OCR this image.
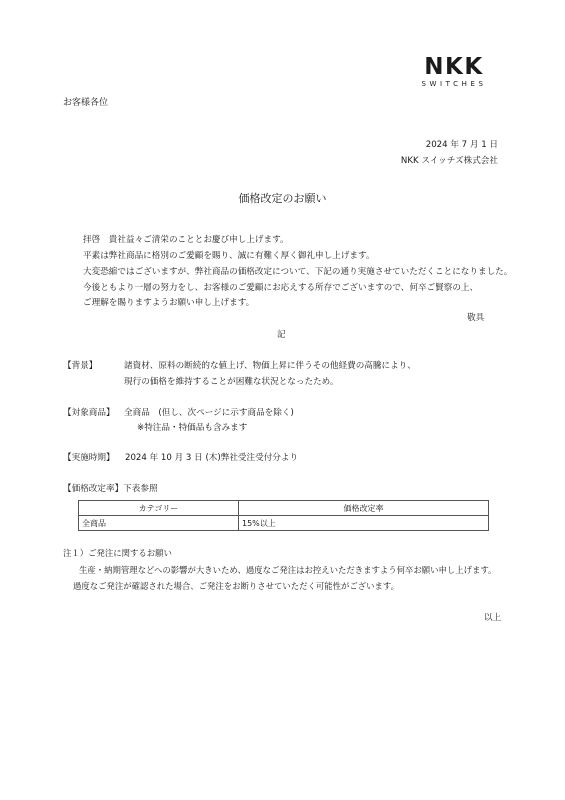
NKK
SWITCHES
お客様各位
2024 年 7 月 1 日
NKK スイッチズ株式会社
価格改定のお願い
拝啓　貴社益々ご清栄のこととお慶び申し上げます。
平素は弊社商品に格別のご愛顧を賜り、誠に有難く厚く御礼申し上げます。
大変恐縮ではございますが、弊社商品の価格改定について、下記の通り実施させていただくことになりました。
今後ともより一層の努力をし、お客様のご愛顧にお応えする所存でございますので、何卒ご賢察の上、
ご理解を賜りますようお願い申し上げます。
敬具
記
【背景】	諸資材、原料の断続的な値上げ、物価上昇に伴うその他経費の高騰により、
現行の価格を維持することが困難な状況となったため。
【対象商品】 全商品　(但し、次ページに示す商品を除く)
※特注品・特価品も含みます
【実施時期】 2024 年 10 月 3 日 (木)弊社受注受付分より
【価格改定率】下表参照
カテゴリー	価格改定率
全商品	15%以上
注１）ご発注に関するお願い
生産・納期管理などへの影響が大きいため、過度なご発注はお控えいただきますよう何卒お願い申し上げます。
過度なご発注が確認された場合、ご発注をお断りさせていただく可能性がございます。
以上
